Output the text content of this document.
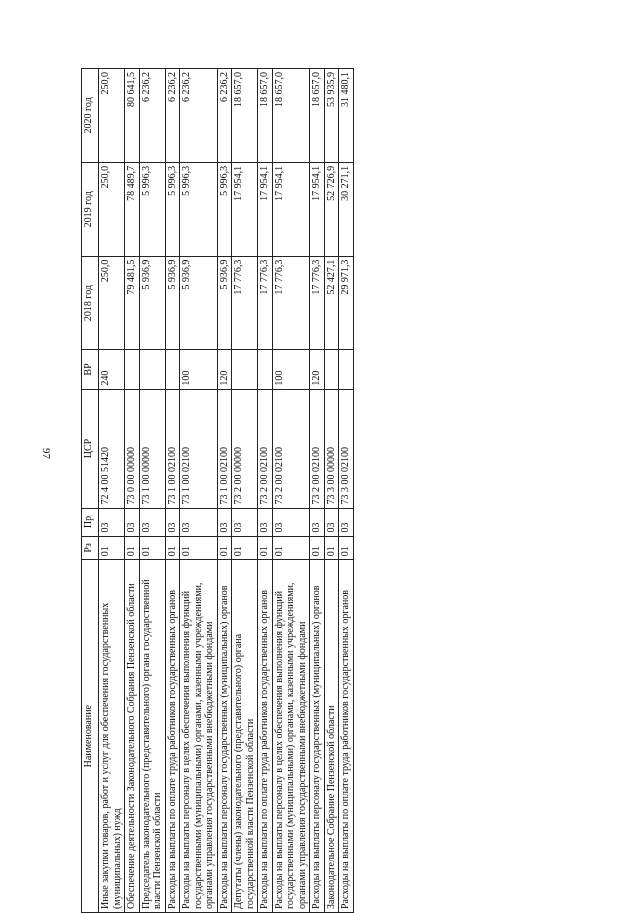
97
Наименование	Рз	Пр	ЦСР	ВР	2018 год	2019 год	2020 год
Иные закупки товаров, работ и услуг для обеспечения государственных (муниципальных) нужд	01	03	72 4 00 51420	240	250,0	250,0	250,0
Обеспечение деятельности Законодательного Собрания Пензенской области	01	03	73 0 00 00000		79 481,5	78 489,7	80 641,5
Председатель законодательного (представительного) органа государственной власти Пензенской области	01	03	73 1 00 00000		5 936,9	5 996,3	6 236,2
Расходы на выплаты по оплате труда работников государственных органов	01	03	73 1 00 02100		5 936,9	5 996,3	6 236,2
Расходы на выплаты персоналу в целях обеспечения выполнения функций государственными (муниципальными) органами, казенными учреждениями, органами управления государственными внебюджетными фондами	01	03	73 1 00 02100	100	5 936,9	5 996,3	6 236,2
Расходы на выплаты персоналу государственных (муниципальных) органов	01	03	73 1 00 02100	120	5 936,9	5 996,3	6 236,2
Депутаты (члены) законодательного (представительного) органа государственной власти Пензенской области	01	03	73 2 00 00000		17 776,3	17 954,1	18 657,0
Расходы на выплаты по оплате труда работников государственных органов	01	03	73 2 00 02100		17 776,3	17 954,1	18 657,0
Расходы на выплаты персоналу в целях обеспечения выполнения функций государственными (муниципальными) органами, казенными учреждениями, органами управления государственными внебюджетными фондами	01	03	73 2 00 02100	100	17 776,3	17 954,1	18 657,0
Расходы на выплаты персоналу государственных (муниципальных) органов	01	03	73 2 00 02100	120	17 776,3	17 954,1	18 657,0
Законодательное Собрание Пензенской области	01	03	73 3 00 00000		52 427,1	52 726,9	53 935,9
Расходы на выплаты по оплате труда работников государственных органов	01	03	73 3 00 02100		29 971,3	30 271,1	31 480,1
